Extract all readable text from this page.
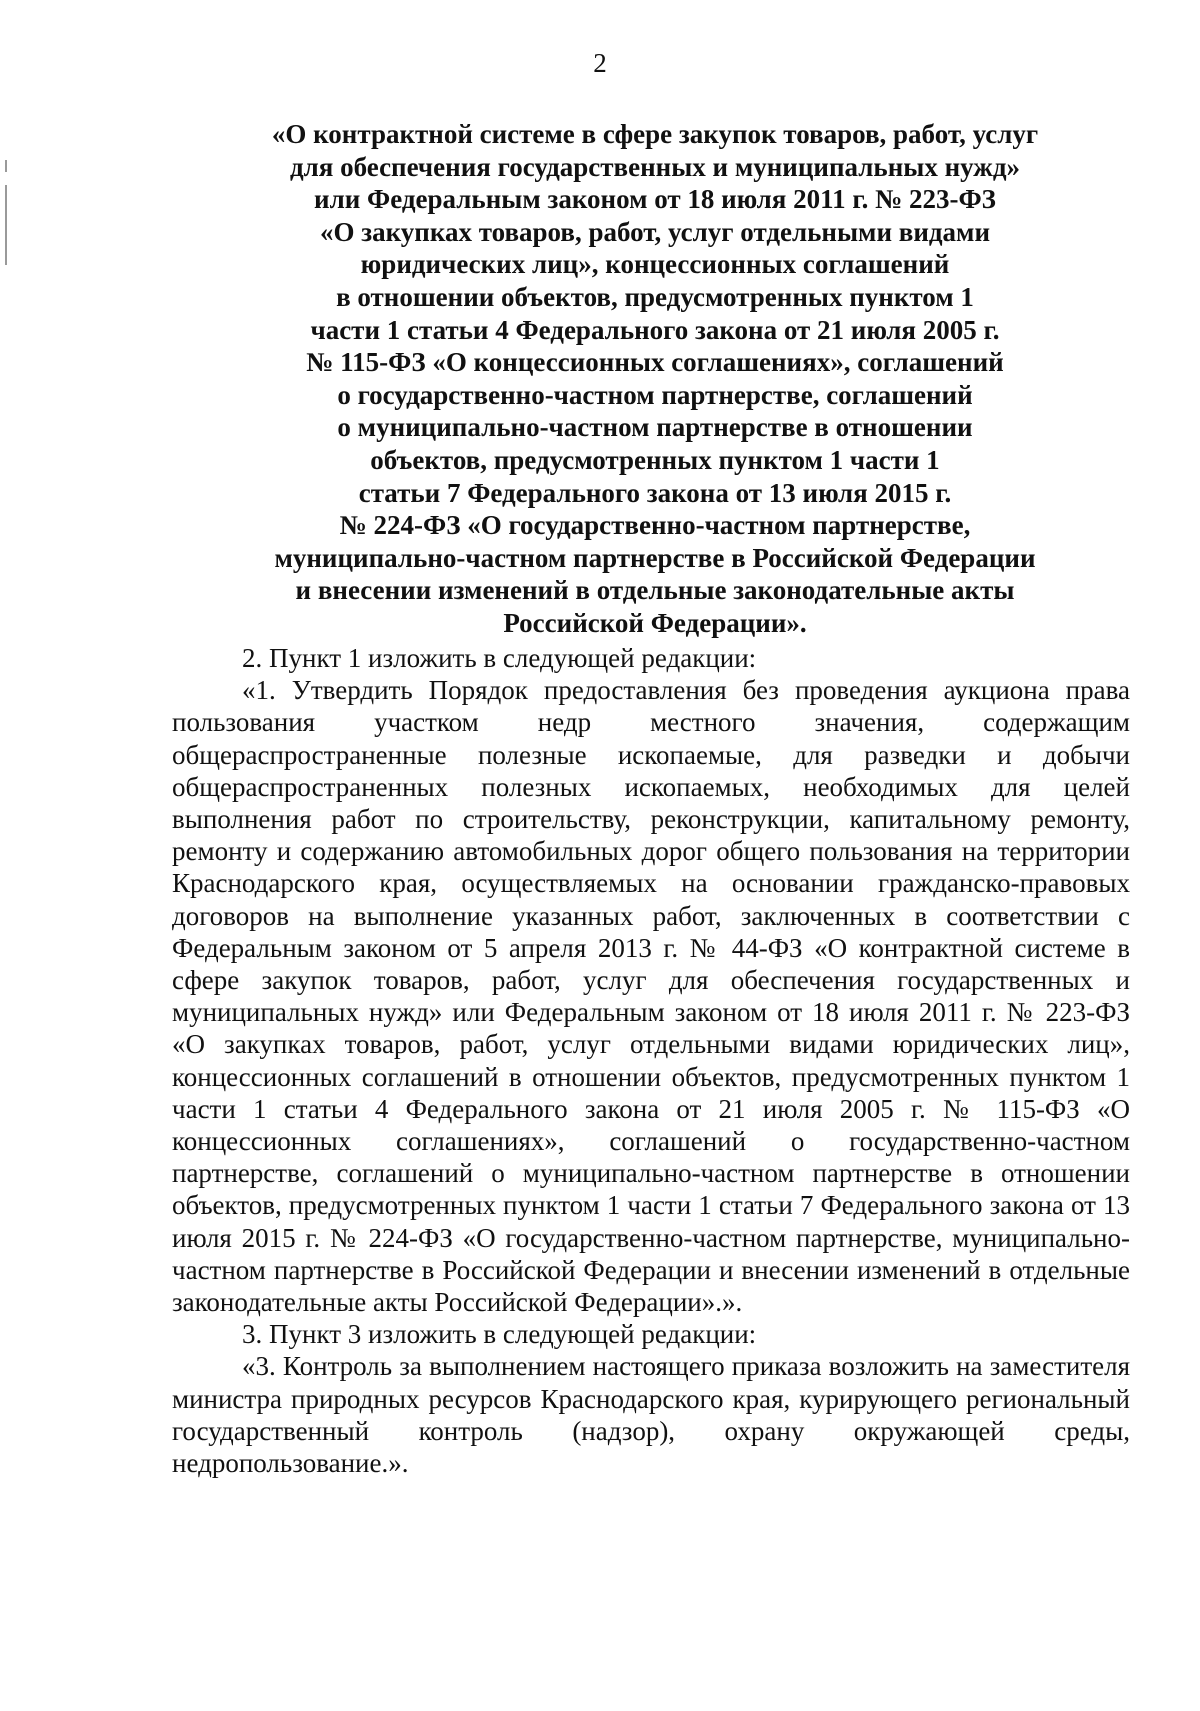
2
«О контрактной системе в сфере закупок товаров, работ, услуг
для обеспечения государственных и муниципальных нужд»
или Федеральным законом от 18 июля 2011 г. № 223-ФЗ
«О закупках товаров, работ, услуг отдельными видами
юридических лиц», концессионных соглашений
в отношении объектов, предусмотренных пунктом 1
части 1 статьи 4 Федерального закона от 21 июля 2005 г.
№ 115-ФЗ «О концессионных соглашениях», соглашений
о государственно-частном партнерстве, соглашений
о муниципально-частном партнерстве в отношении
объектов, предусмотренных пунктом 1 части 1
статьи 7 Федерального закона от 13 июля 2015 г.
№ 224-ФЗ «О государственно-частном партнерстве,
муниципально-частном партнерстве в Российской Федерации
и внесении изменений в отдельные законодательные акты
Российской Федерации».
2. Пункт 1 изложить в следующей редакции:

«1. Утвердить Порядок предоставления без проведения аукциона права пользования участком недр местного значения, содержащим общераспространенные полезные ископаемые, для разведки и добычи общераспространенных полезных ископаемых, необходимых для целей выполнения работ по строительству, реконструкции, капитальному ремонту, ремонту и содержанию автомобильных дорог общего пользования на территории Краснодарского края, осуществляемых на основании гражданско-правовых договоров на выполнение указанных работ, заключенных в соответствии с Федеральным законом от 5 апреля 2013 г. № 44-ФЗ «О контрактной системе в сфере закупок товаров, работ, услуг для обеспечения государственных и муниципальных нужд» или Федеральным законом от 18 июля 2011 г. № 223-ФЗ «О закупках товаров, работ, услуг отдельными видами юридических лиц», концессионных соглашений в отношении объектов, предусмотренных пунктом 1 части 1 статьи 4 Федерального закона от 21 июля 2005 г. № 115-ФЗ «О концессионных соглашениях», соглашений о государственно-частном партнерстве, соглашений о муниципально-частном партнерстве в отношении объектов, предусмотренных пунктом 1 части 1 статьи 7 Федерального закона от 13 июля 2015 г. № 224-ФЗ «О государственно-частном партнерстве, муниципально-частном партнерстве в Российской Федерации и внесении изменений в отдельные законодательные акты Российской Федерации».».

3. Пункт 3 изложить в следующей редакции:

«3. Контроль за выполнением настоящего приказа возложить на заместителя министра природных ресурсов Краснодарского края, курирующего региональный государственный контроль (надзор), охрану окружающей среды, недропользование.».
